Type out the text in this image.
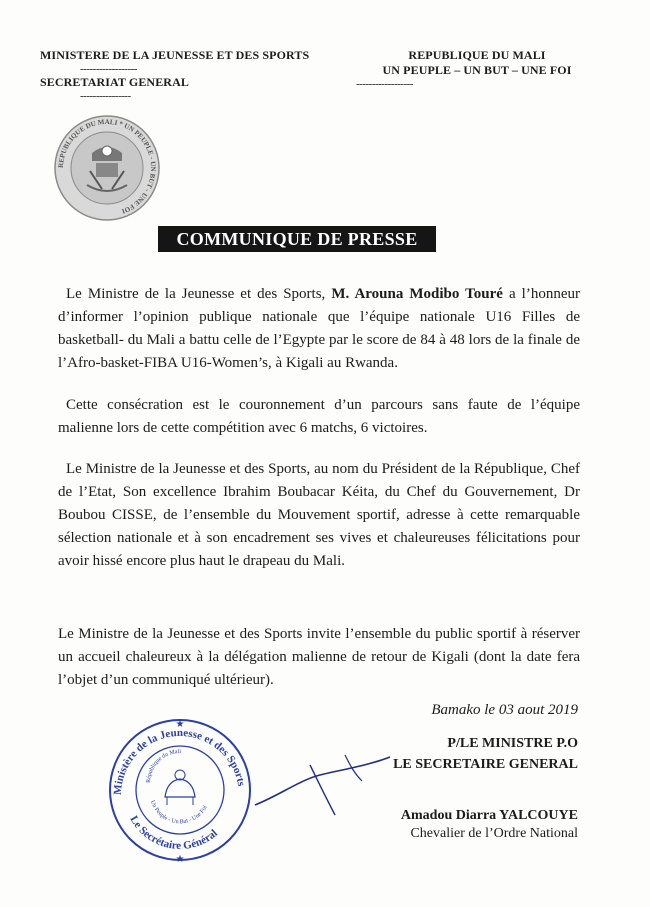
MINISTERE DE LA JEUNESSE ET DES SPORTS
------------------
SECRETARIAT GENERAL
----------------
REPUBLIQUE DU MALI
UN PEUPLE – UN BUT – UNE FOI
------------------
REPUBLIQUE DU MALI * UN PEUPLE - UN BUT - UNE FOI
COMMUNIQUE DE PRESSE
Le Ministre de la Jeunesse et des Sports, M. Arouna Modibo Touré a l’honneur d’informer l’opinion publique nationale que l’équipe nationale U16 Filles de basketball- du Mali a battu celle de l’Egypte par le score de 84 à 48 lors de la finale de l’Afro-basket-FIBA U16-Women’s, à Kigali au Rwanda.
Cette consécration est le couronnement d’un parcours sans faute de l’équipe malienne lors de cette compétition avec 6 matchs, 6 victoires.
Le Ministre de la Jeunesse et des Sports, au nom du Président de la République, Chef de l’Etat, Son excellence Ibrahim Boubacar Kéita, du Chef du Gouvernement, Dr Boubou CISSE, de l’ensemble du Mouvement sportif, adresse à cette remarquable sélection nationale et à son encadrement ses vives et chaleureuses félicitations pour avoir hissé encore plus haut le drapeau du Mali.
Le Ministre de la Jeunesse et des Sports invite l’ensemble du public sportif à réserver un accueil chaleureux à la délégation malienne de retour de Kigali (dont la date fera l’objet d’un communiqué ultérieur).
Bamako le 03 aout 2019
P/LE MINISTRE P.O
LE SECRETAIRE GENERAL
Amadou Diarra YALCOUYE
Chevalier de l’Ordre National
Ministère de la Jeunesse et des Sports
Le Secrétaire Général
République du Mali
Un Peuple - Un But - Une Foi
★
★
